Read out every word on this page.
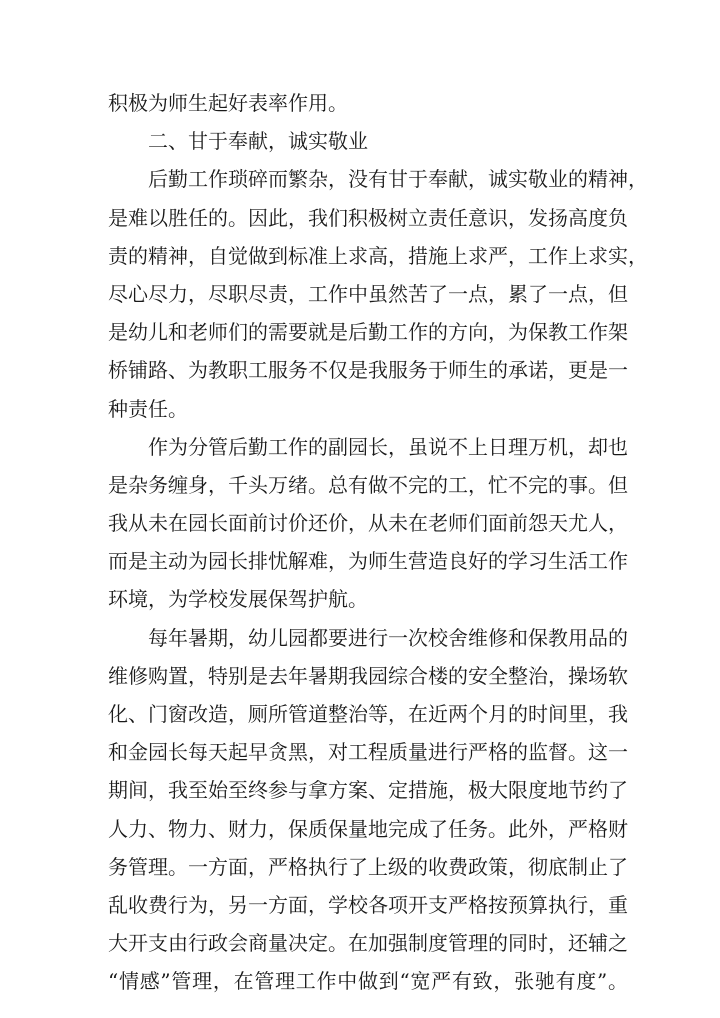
积极为师生起好表率作用。
二、甘于奉献，诚实敬业
后勤工作琐碎而繁杂，没有甘于奉献，诚实敬业的精神，
是难以胜任的。因此，我们积极树立责任意识，发扬高度负
责的精神，自觉做到标准上求高，措施上求严，工作上求实，
尽心尽力，尽职尽责，工作中虽然苦了一点，累了一点，但
是幼儿和老师们的需要就是后勤工作的方向，为保教工作架
桥铺路、为教职工服务不仅是我服务于师生的承诺，更是一
种责任。
作为分管后勤工作的副园长，虽说不上日理万机，却也
是杂务缠身，千头万绪。总有做不完的工，忙不完的事。但
我从未在园长面前讨价还价，从未在老师们面前怨天尤人，
而是主动为园长排忧解难，为师生营造良好的学习生活工作
环境，为学校发展保驾护航。
每年暑期，幼儿园都要进行一次校舍维修和保教用品的
维修购置，特别是去年暑期我园综合楼的安全整治，操场软
化、门窗改造，厕所管道整治等，在近两个月的时间里，我
和金园长每天起早贪黑，对工程质量进行严格的监督。这一
期间，我至始至终参与拿方案、定措施，极大限度地节约了
人力、物力、财力，保质保量地完成了任务。此外，严格财
务管理。一方面，严格执行了上级的收费政策，彻底制止了
乱收费行为，另一方面，学校各项开支严格按预算执行，重
大开支由行政会商量决定。在加强制度管理的同时，还辅之
“情感”管理，在管理工作中做到“宽严有致，张驰有度”。
